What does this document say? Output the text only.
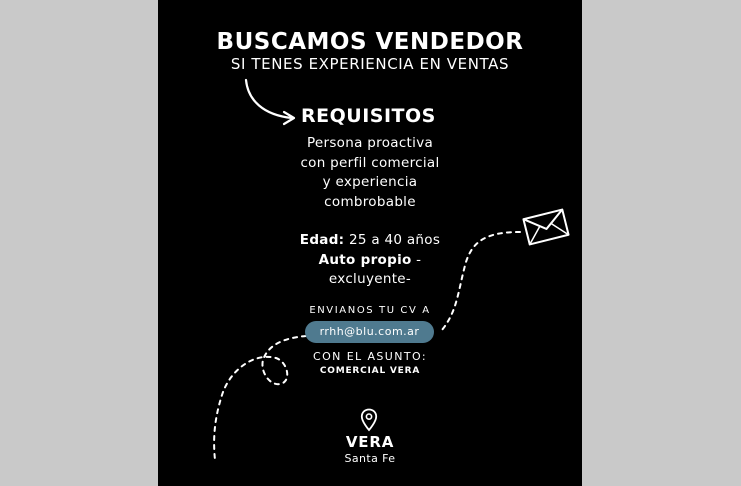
BUSCAMOS VENDEDOR
SI TENES EXPERIENCIA EN VENTAS
REQUISITOS
Persona proactiva
con perfil comercial
y experiencia
combrobable
Edad: 25 a 40 años
Auto propio -
excluyente-
ENVIANOS TU CV A
rrhh@blu.com.ar
CON EL ASUNTO:
COMERCIAL VERA
VERA
Santa Fe
